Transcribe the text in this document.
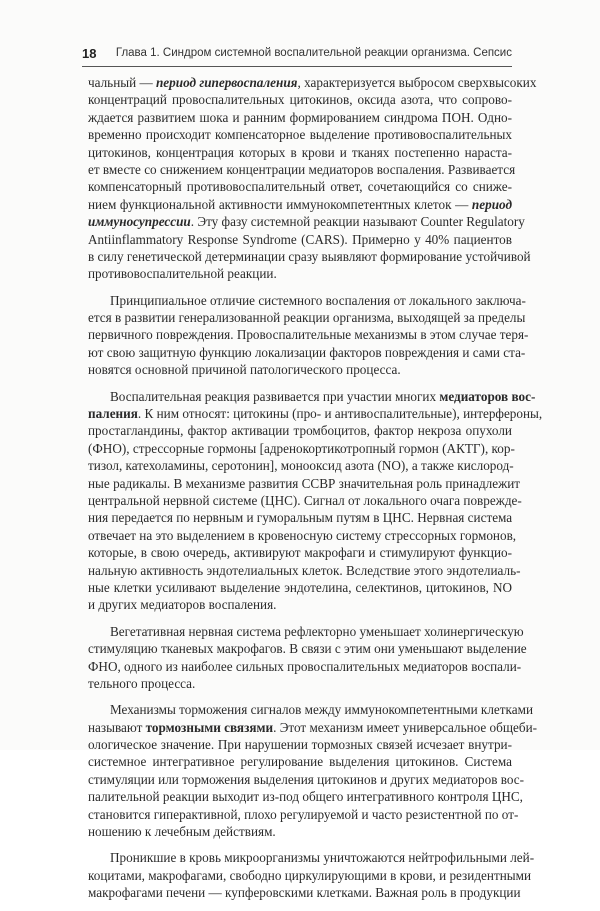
18 Глава 1. Синдром системной воспалительной реакции организма. Сепсис
чальный — период гипервоспаления, характеризуется выбросом сверхвысоких
концентраций провоспалительных цитокинов, оксида азота, что сопрово-
ждается развитием шока и ранним формированием синдрома ПОН. Одно-
временно происходит компенсаторное выделение противовоспалительных
цитокинов, концентрация которых в крови и тканях постепенно нараста-
ет вместе со снижением концентрации медиаторов воспаления. Развивается
компенсаторный противовоспалительный ответ, сочетающийся со сниже-
нием функциональной активности иммунокомпетентных клеток — период
иммуносупрессии. Эту фазу системной реакции называют Counter Regulatory
Antiinflammatory Response Syndrome (CARS). Примерно у 40% пациентов
в силу генетической детерминации сразу выявляют формирование устойчивой
противовоспалительной реакции.
Принципиальное отличие системного воспаления от локального заключа-
ется в развитии генерализованной реакции организма, выходящей за пределы
первичного повреждения. Провоспалительные механизмы в этом случае теря-
ют свою защитную функцию локализации факторов повреждения и сами ста-
новятся основной причиной патологического процесса.
Воспалительная реакция развивается при участии многих медиаторов вос-
паления. К ним относят: цитокины (про- и антивоспалительные), интерфероны,
простагландины, фактор активации тромбоцитов, фактор некроза опухоли
(ФНО), стрессорные гормоны [адренокортикотропный гормон (АКТГ), кор-
тизол, катехоламины, серотонин], монооксид азота (NO), а также кислород-
ные радикалы. В механизме развития ССВР значительная роль принадлежит
центральной нервной системе (ЦНС). Сигнал от локального очага поврежде-
ния передается по нервным и гуморальным путям в ЦНС. Нервная система
отвечает на это выделением в кровеносную систему стрессорных гормонов,
которые, в свою очередь, активируют макрофаги и стимулируют функцио-
нальную активность эндотелиальных клеток. Вследствие этого эндотелиаль-
ные клетки усиливают выделение эндотелина, селектинов, цитокинов, NO
и других медиаторов воспаления.
Вегетативная нервная система рефлекторно уменьшает холинергическую
стимуляцию тканевых макрофагов. В связи с этим они уменьшают выделение
ФНО, одного из наиболее сильных провоспалительных медиаторов воспали-
тельного процесса.
Механизмы торможения сигналов между иммунокомпетентными клетками
называют тормозными связями. Этот механизм имеет универсальное общеби-
ологическое значение. При нарушении тормозных связей исчезает внутри-
системное интегративное регулирование выделения цитокинов. Система
стимуляции или торможения выделения цитокинов и других медиаторов вос-
палительной реакции выходит из-под общего интегративного контроля ЦНС,
становится гиперактивной, плохо регулируемой и часто резистентной по от-
ношению к лечебным действиям.
Проникшие в кровь микроорганизмы уничтожаются нейтрофильными лей-
коцитами, макрофагами, свободно циркулирующими в крови, и резидентными
макрофагами печени — купферовскими клетками. Важная роль в продукции
